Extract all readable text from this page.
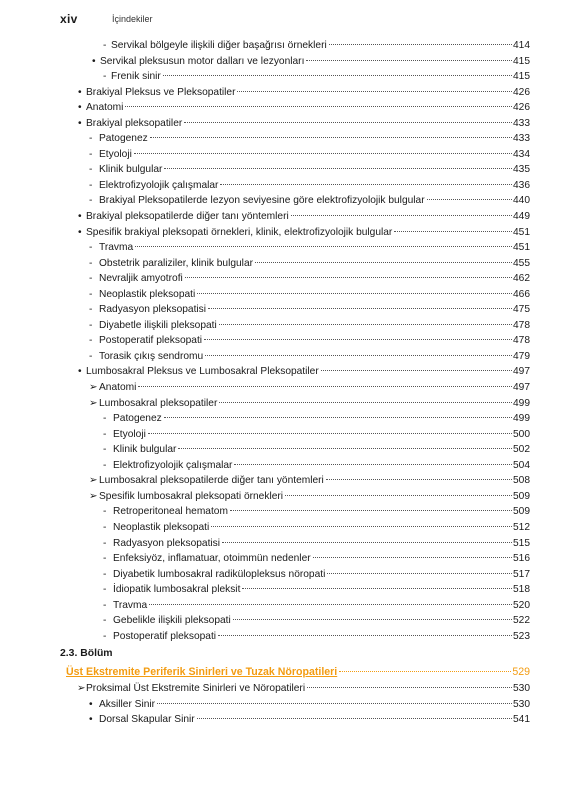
xiv	İçindekiler
- Servikal bölgeyle ilişkili diğer başağrısı örnekleri	414
• Servikal pleksusun motor dalları ve lezyonları	415
- Frenik sinir	415
• Brakiyal Pleksus ve Pleksopatiler	426
• Anatomi	426
• Brakiyal pleksopatiler	433
- Patogenez	433
- Etyoloji	434
- Klinik bulgular	435
- Elektrofizyolojik çalışmalar	436
- Brakiyal Pleksopatilerde lezyon seviyesine göre elektrofizyolojik bulgular	440
• Brakiyal pleksopatilerde diğer tanı yöntemleri	449
• Spesifik brakiyal pleksopati örnekleri, klinik, elektrofizyolojik bulgular	451
- Travma	451
- Obstetrik paraliziler, klinik bulgular	455
- Nevraljik amyotrofi	462
- Neoplastik pleksopati	466
- Radyasyon pleksopatisi	475
- Diyabetle ilişkili pleksopati	478
- Postoperatif pleksopati	478
- Torasik çıkış sendromu	479
• Lumbosakral Pleksus ve Lumbosakral Pleksopatiler	497
➢ Anatomi	497
➢ Lumbosakral pleksopatiler	499
- Patogenez	499
- Etyoloji	500
- Klinik bulgular	502
- Elektrofizyolojik çalışmalar	504
➢ Lumbosakral pleksopatilerde diğer tanı yöntemleri	508
➢ Spesifik lumbosakral pleksopati örnekleri	509
- Retroperitoneal hematom	509
- Neoplastik pleksopati	512
- Radyasyon pleksopatisi	515
- Enfeksiyöz, inflamatuar, otoimmün nedenler	516
- Diyabetik lumbosakral radikülopleksus nöropati	517
- İdiopatik lumbosakral pleksit	518
- Travma	520
- Gebelikle ilişkili pleksopati	522
- Postoperatif pleksopati	523
2.3. Bölüm
Üst Ekstremite Periferik Sinirleri ve Tuzak Nöropatileri	529
➢ Proksimal Üst Ekstremite Sinirleri ve Nöropatileri	530
• Aksiller Sinir	530
• Dorsal Skapular Sinir	541
